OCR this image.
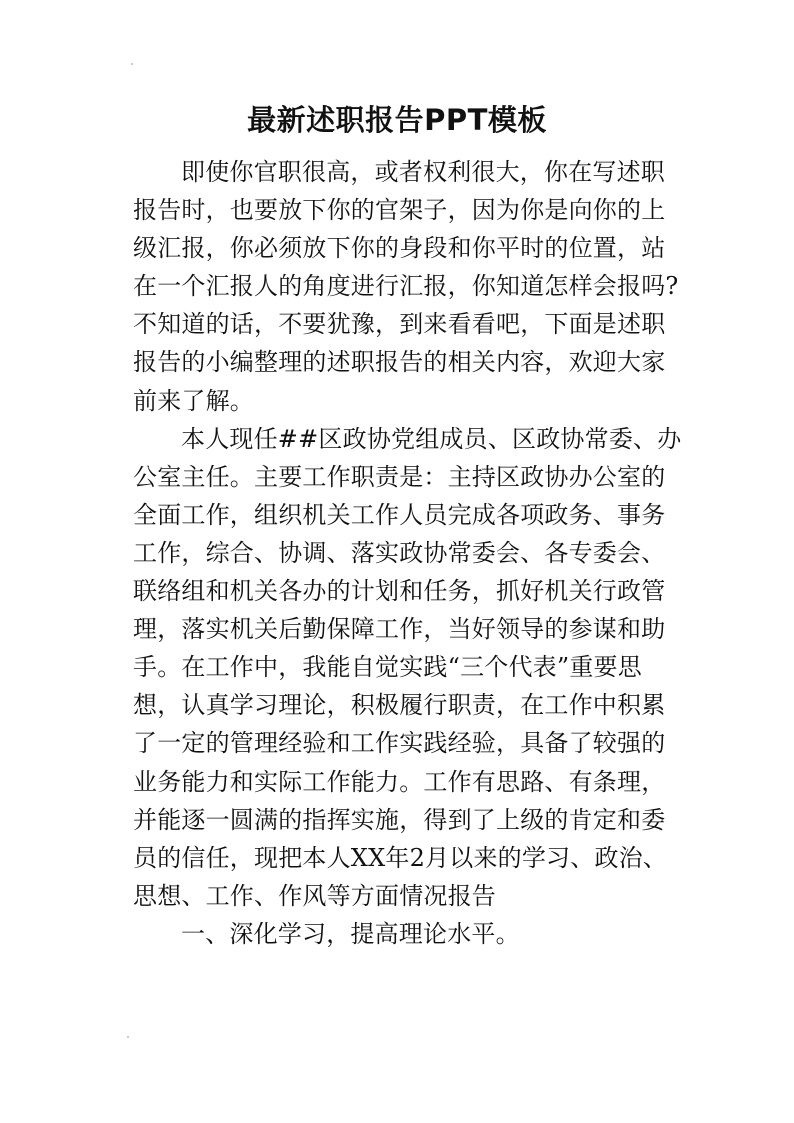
最新述职报告PPT模板
即使你官职很高，或者权利很大，你在写述职
报告时，也要放下你的官架子，因为你是向你的上
级汇报，你必须放下你的身段和你平时的位置，站
在一个汇报人的角度进行汇报，你知道怎样会报吗?
不知道的话，不要犹豫，到来看看吧，下面是述职
报告的小编整理的述职报告的相关内容，欢迎大家
前来了解。
本人现任##区政协党组成员、区政协常委、办
公室主任。主要工作职责是：主持区政协办公室的
全面工作，组织机关工作人员完成各项政务、事务
工作，综合、协调、落实政协常委会、各专委会、
联络组和机关各办的计划和任务，抓好机关行政管
理，落实机关后勤保障工作，当好领导的参谋和助
手。在工作中，我能自觉实践“三个代表”重要思
想，认真学习理论，积极履行职责，在工作中积累
了一定的管理经验和工作实践经验，具备了较强的
业务能力和实际工作能力。工作有思路、有条理，
并能逐一圆满的指挥实施，得到了上级的肯定和委
员的信任，现把本人XX年2月以来的学习、政治、
思想、工作、作风等方面情况报告
一、深化学习，提高理论水平。
